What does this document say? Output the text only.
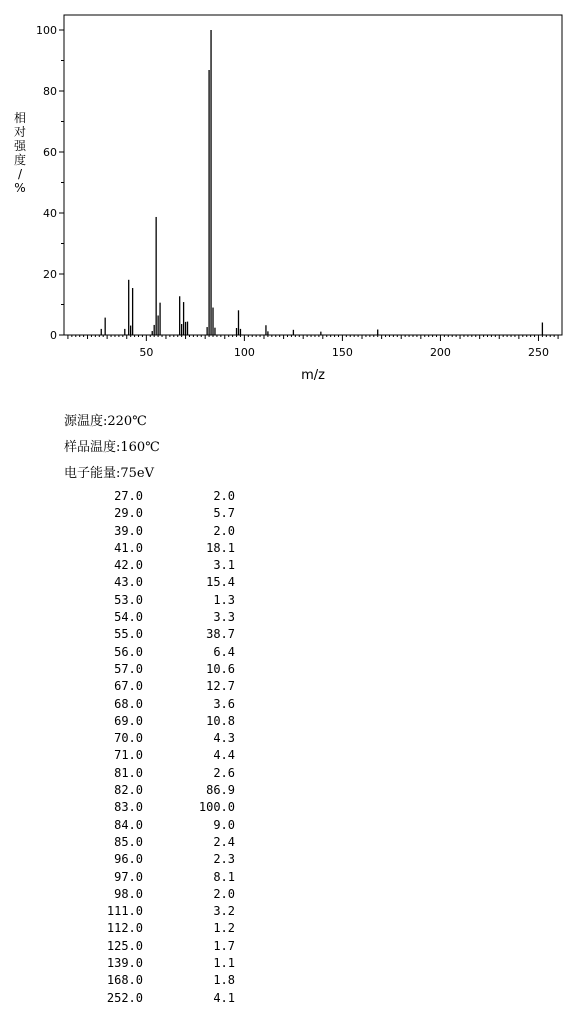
0
20
40
60
80
100
50	100	150	200	250
相
对
强
度
/
%
m/z
源温度:220℃
样品温度:160℃
电子能量:75eV
27.0	2.0
29.0	5.7
39.0	2.0
41.0	18.1
42.0	3.1
43.0	15.4
53.0	1.3
54.0	3.3
55.0	38.7
56.0	6.4
57.0	10.6
67.0	12.7
68.0	3.6
69.0	10.8
70.0	4.3
71.0	4.4
81.0	2.6
82.0	86.9
83.0	100.0
84.0	9.0
85.0	2.4
96.0	2.3
97.0	8.1
98.0	2.0
111.0	3.2
112.0	1.2
125.0	1.7
139.0	1.1
168.0	1.8
252.0	4.1
